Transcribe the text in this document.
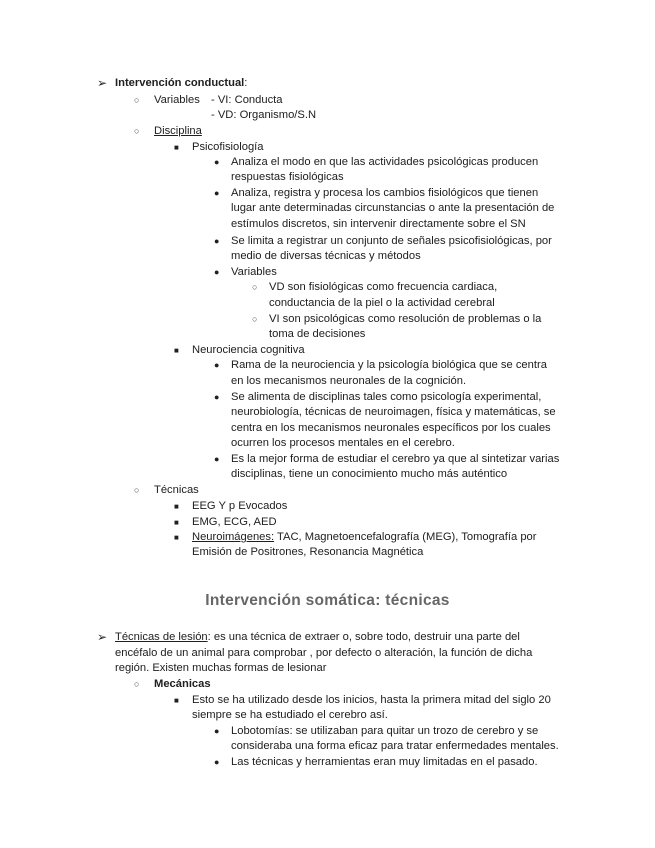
➢ Intervención conductual:
○ Variables - VI: Conducta
- VD: Organismo/S.N
○ Disciplina
■ Psicofisiología
● Analiza el modo en que las actividades psicológicas producen
respuestas fisiológicas
● Analiza, registra y procesa los cambios fisiológicos que tienen
lugar ante determinadas circunstancias o ante la presentación de
estímulos discretos, sin intervenir directamente sobre el SN
● Se limita a registrar un conjunto de señales psicofisiológicas, por
medio de diversas técnicas y métodos
● Variables
○ VD son fisiológicas como frecuencia cardiaca,
conductancia de la piel o la actividad cerebral
○ VI son psicológicas como resolución de problemas o la
toma de decisiones
■ Neurociencia cognitiva
● Rama de la neurociencia y la psicología biológica que se centra
en los mecanismos neuronales de la cognición.
● Se alimenta de disciplinas tales como psicología experimental,
neurobiología, técnicas de neuroimagen, física y matemáticas, se
centra en los mecanismos neuronales específicos por los cuales
ocurren los procesos mentales en el cerebro.
● Es la mejor forma de estudiar el cerebro ya que al sintetizar varias
disciplinas, tiene un conocimiento mucho más auténtico
○ Técnicas
■ EEG Y p Evocados
■ EMG, ECG, AED
■ Neuroimágenes: TAC, Magnetoencefalografía (MEG), Tomografía por
Emisión de Positrones, Resonancia Magnética
Intervención somática: técnicas
➢ Técnicas de lesión: es una técnica de extraer o, sobre todo, destruir una parte del
encéfalo de un animal para comprobar , por defecto o alteración, la función de dicha
región. Existen muchas formas de lesionar
○ Mecánicas
■ Esto se ha utilizado desde los inicios, hasta la primera mitad del siglo 20
siempre se ha estudiado el cerebro así.
● Lobotomías: se utilizaban para quitar un trozo de cerebro y se
consideraba una forma eficaz para tratar enfermedades mentales.
● Las técnicas y herramientas eran muy limitadas en el pasado.
